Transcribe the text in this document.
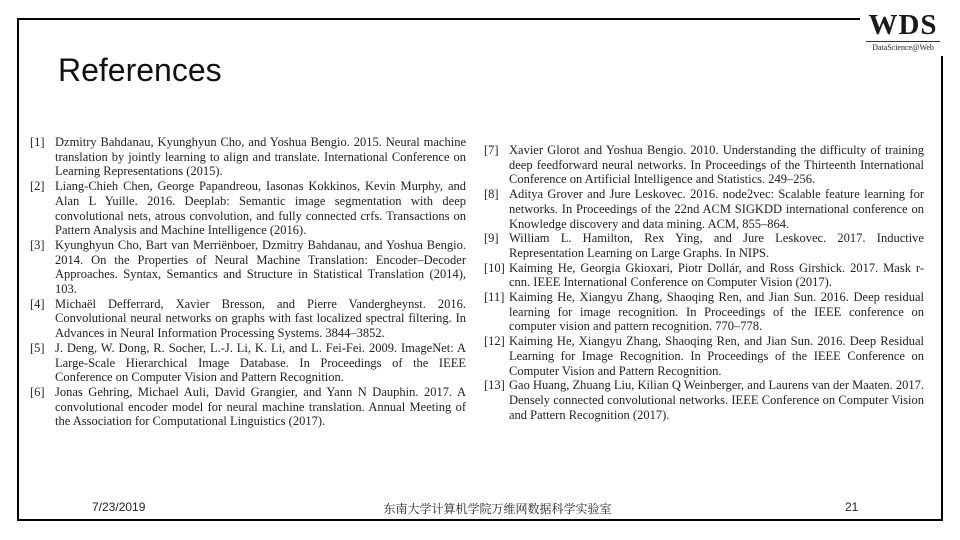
WDS
DataScience@Web
References
[1] Dzmitry Bahdanau, Kyunghyun Cho, and Yoshua Bengio. 2015. Neural machine translation by jointly learning to align and translate. International Conference on Learning Representations (2015).
[2] Liang-Chieh Chen, George Papandreou, Iasonas Kokkinos, Kevin Murphy, and Alan L Yuille. 2016. Deeplab: Semantic image segmentation with deep convolutional nets, atrous convolution, and fully connected crfs. Transactions on Pattern Analysis and Machine Intelligence (2016).
[3] Kyunghyun Cho, Bart van Merriënboer, Dzmitry Bahdanau, and Yoshua Bengio. 2014. On the Properties of Neural Machine Translation: Encoder–Decoder Approaches. Syntax, Semantics and Structure in Statistical Translation (2014), 103.
[4] Michaël Defferrard, Xavier Bresson, and Pierre Vandergheynst. 2016. Convolutional neural networks on graphs with fast localized spectral filtering. In Advances in Neural Information Processing Systems. 3844–3852.
[5] J. Deng, W. Dong, R. Socher, L.-J. Li, K. Li, and L. Fei-Fei. 2009. ImageNet: A Large-Scale Hierarchical Image Database. In Proceedings of the IEEE Conference on Computer Vision and Pattern Recognition.
[6] Jonas Gehring, Michael Auli, David Grangier, and Yann N Dauphin. 2017. A convolutional encoder model for neural machine translation. Annual Meeting of the Association for Computational Linguistics (2017).
[7] Xavier Glorot and Yoshua Bengio. 2010. Understanding the difficulty of training deep feedforward neural networks. In Proceedings of the Thirteenth International Conference on Artificial Intelligence and Statistics. 249–256.
[8] Aditya Grover and Jure Leskovec. 2016. node2vec: Scalable feature learning for networks. In Proceedings of the 22nd ACM SIGKDD international conference on Knowledge discovery and data mining. ACM, 855–864.
[9] William L. Hamilton, Rex Ying, and Jure Leskovec. 2017. Inductive Representation Learning on Large Graphs. In NIPS.
[10] Kaiming He, Georgia Gkioxari, Piotr Dollár, and Ross Girshick. 2017. Mask r-cnn. IEEE International Conference on Computer Vision (2017).
[11] Kaiming He, Xiangyu Zhang, Shaoqing Ren, and Jian Sun. 2016. Deep residual learning for image recognition. In Proceedings of the IEEE conference on computer vision and pattern recognition. 770–778.
[12] Kaiming He, Xiangyu Zhang, Shaoqing Ren, and Jian Sun. 2016. Deep Residual Learning for Image Recognition. In Proceedings of the IEEE Conference on Computer Vision and Pattern Recognition.
[13] Gao Huang, Zhuang Liu, Kilian Q Weinberger, and Laurens van der Maaten. 2017. Densely connected convolutional networks. IEEE Conference on Computer Vision and Pattern Recognition (2017).
7/23/2019	东南大学计算机学院万维网数据科学实验室	21
